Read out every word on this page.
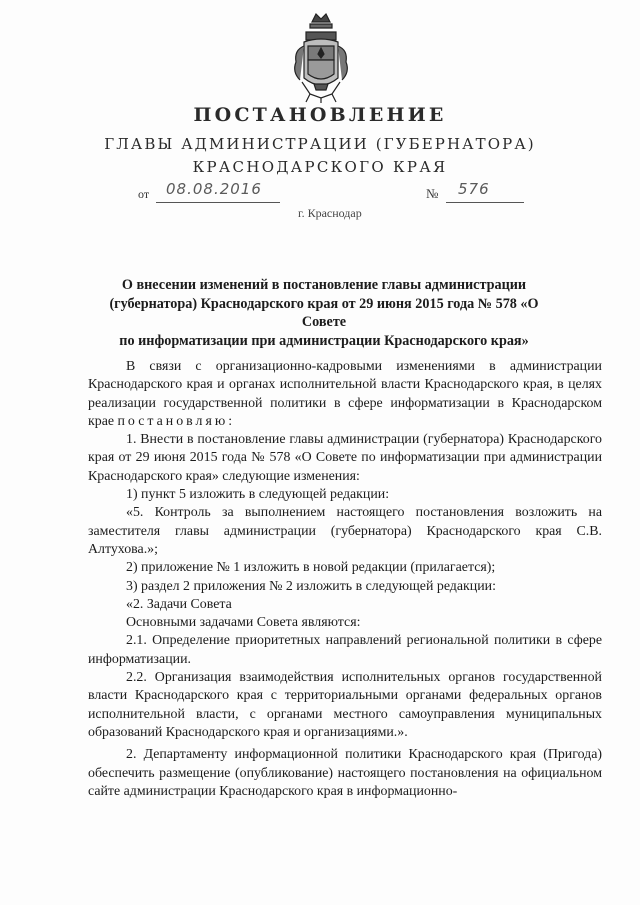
ПОСТАНОВЛЕНИЕ
ГЛАВЫ АДМИНИСТРАЦИИ (ГУБЕРНАТОРА)
КРАСНОДАРСКОГО КРАЯ
от 08.08.2016	№ 576
г. Краснодар
О внесении изменений в постановление главы администрации
(губернатора) Краснодарского края от 29 июня 2015 года № 578 «О Совете
по информатизации при администрации Краснодарского края»

В связи с организационно-кадровыми изменениями в администрации Краснодарского края и органах исполнительной власти Краснодарского края, в целях реализации государственной политики в сфере информатизации в Краснодарском крае постановляю:

1. Внести в постановление главы администрации (губернатора) Краснодарского края от 29 июня 2015 года № 578 «О Совете по информатизации при администрации Краснодарского края» следующие изменения:

1) пункт 5 изложить в следующей редакции:

«5. Контроль за выполнением настоящего постановления возложить на заместителя главы администрации (губернатора) Краснодарского края С.В. Алтухова.»;

2) приложение № 1 изложить в новой редакции (прилагается);

3) раздел 2 приложения № 2 изложить в следующей редакции:

«2. Задачи Совета

Основными задачами Совета являются:

2.1. Определение приоритетных направлений региональной политики в сфере информатизации.

2.2. Организация взаимодействия исполнительных органов государственной власти Краснодарского края с территориальными органами федеральных органов исполнительной власти, с органами местного самоуправления муниципальных образований Краснодарского края и организациями.».

2. Департаменту информационной политики Краснодарского края (Пригода) обеспечить размещение (опубликование) настоящего постановления на официальном сайте администрации Краснодарского края в информационно-
